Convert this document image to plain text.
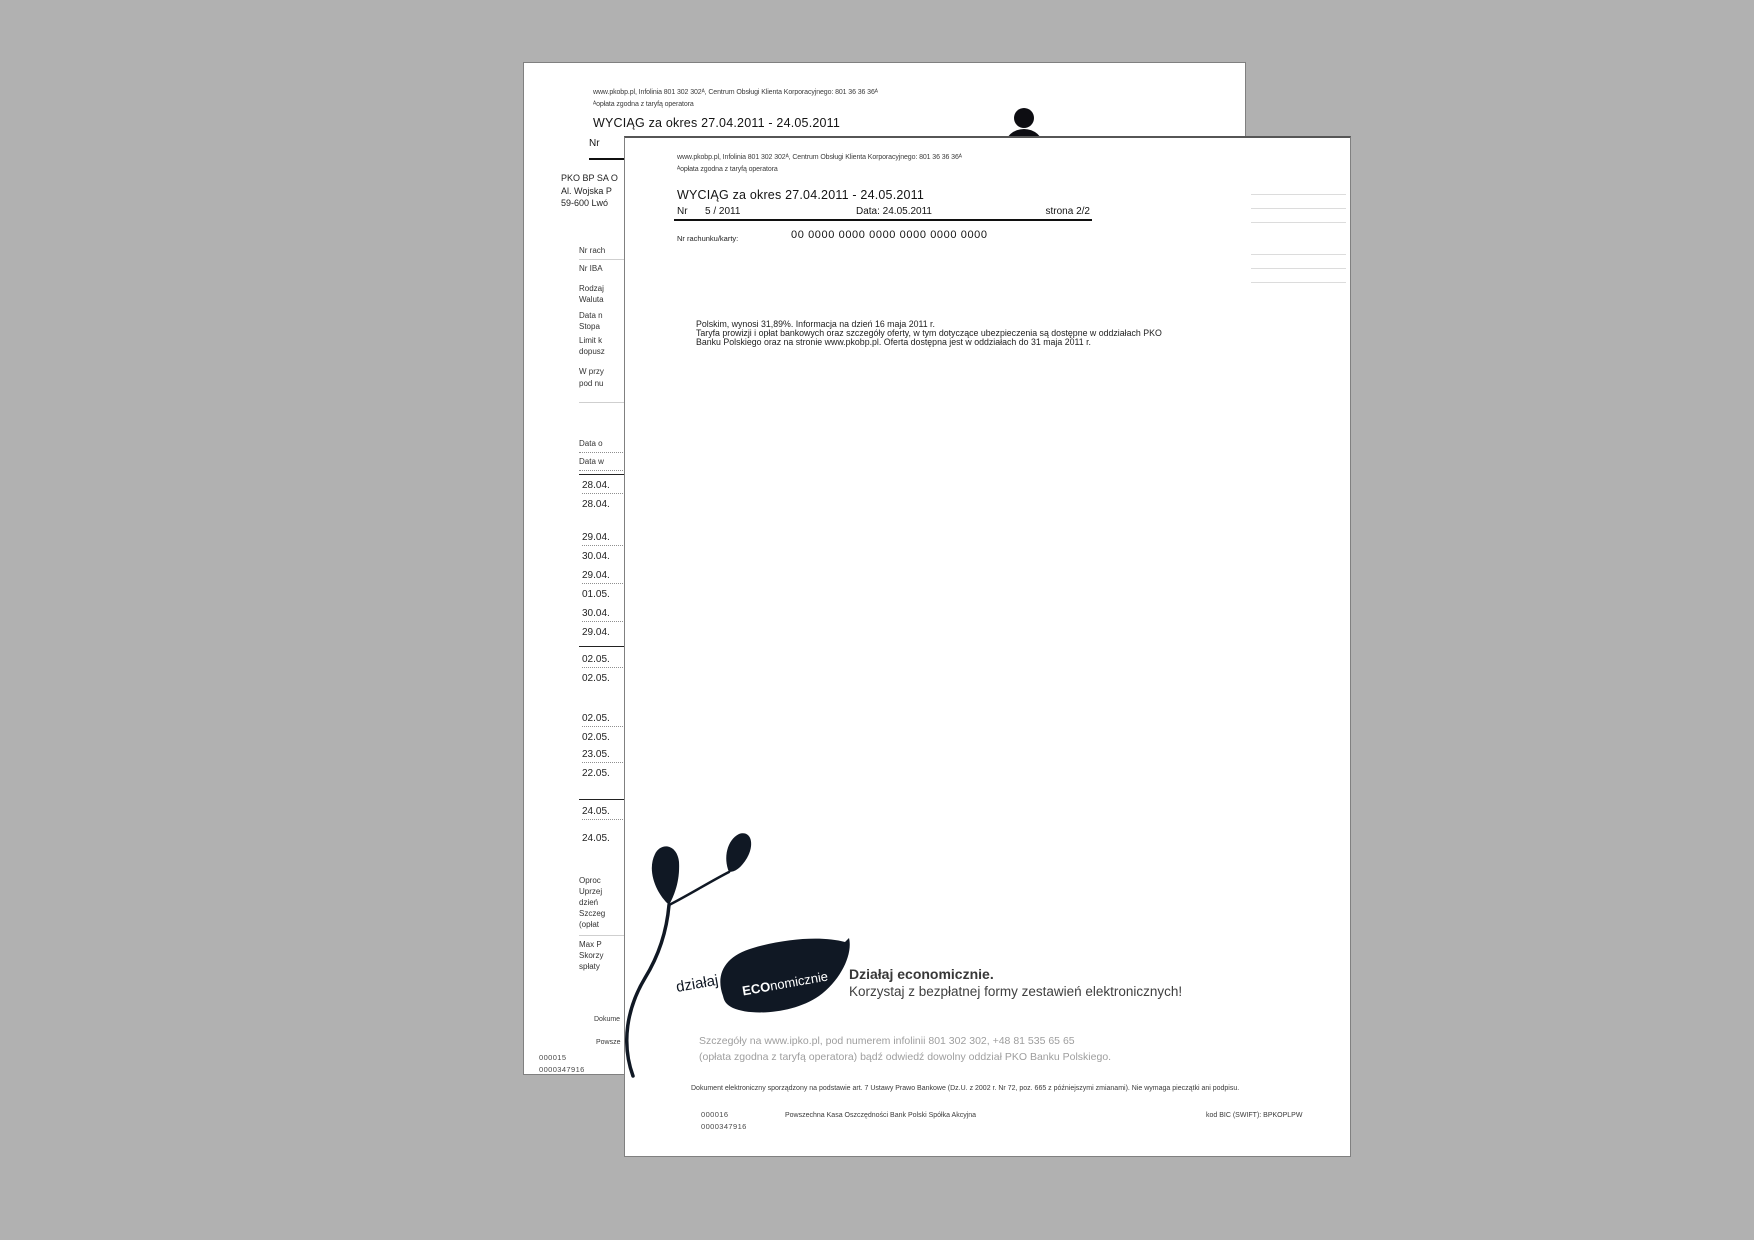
www.pkobp.pl, Infolinia 801 302 302ᴬ, Centrum Obsługi Klienta Korporacyjnego: 801 36 36 36ᴬ
ᴬopłata zgodna z taryfą operatora
WYCIĄG za okres 27.04.2011 - 24.05.2011
Nr
PKO BP SA O
Al. Wojska P
59-600 Lwó
Nr rach
Nr IBA
Rodzaj
Waluta
Data n
Stopa
Limit k
dopusz
W przy
pod nu
Data o
Data w
28.04.
28.04.
29.04.
30.04.
29.04.
01.05.
30.04.
29.04.
02.05.
02.05.
02.05.
02.05.
23.05.
22.05.
24.05.
24.05.
Oproc
Uprzej
dzień
Szczeg
(opłat
Max P
Skorzy
spłaty
Dokume
Powsze
000015
0000347916
www.pkobp.pl, Infolinia 801 302 302ᴬ, Centrum Obsługi Klienta Korporacyjnego: 801 36 36 36ᴬ
ᴬopłata zgodna z taryfą operatora
WYCIĄG za okres 27.04.2011 - 24.05.2011
Nr 5 / 2011	Data: 24.05.2011	strona 2/2
Nr rachunku/karty:	00 0000 0000 0000 0000 0000 0000
Polskim, wynosi 31,89%. Informacja na dzień 16 maja 2011 r.
Taryfa prowizji i opłat bankowych oraz szczegóły oferty, w tym dotyczące ubezpieczenia są dostępne w oddziałach PKO
Banku Polskiego oraz na stronie www.pkobp.pl. Oferta dostępna jest w oddziałach do 31 maja 2011 r.
działaj ECOnomicznie Działaj economicznie.
Korzystaj z bezpłatnej formy zestawień elektronicznych!
Szczegóły na www.ipko.pl, pod numerem infolinii 801 302 302, +48 81 535 65 65
(opłata zgodna z taryfą operatora) bądź odwiedź dowolny oddział PKO Banku Polskiego.
Dokument elektroniczny sporządzony na podstawie art. 7 Ustawy Prawo Bankowe (Dz.U. z 2002 r. Nr 72, poz. 665 z późniejszymi zmianami). Nie wymaga pieczątki ani podpisu.
000016
0000347916
Powszechna Kasa Oszczędności Bank Polski Spółka Akcyjna	kod BIC (SWIFT): BPKOPLPW
